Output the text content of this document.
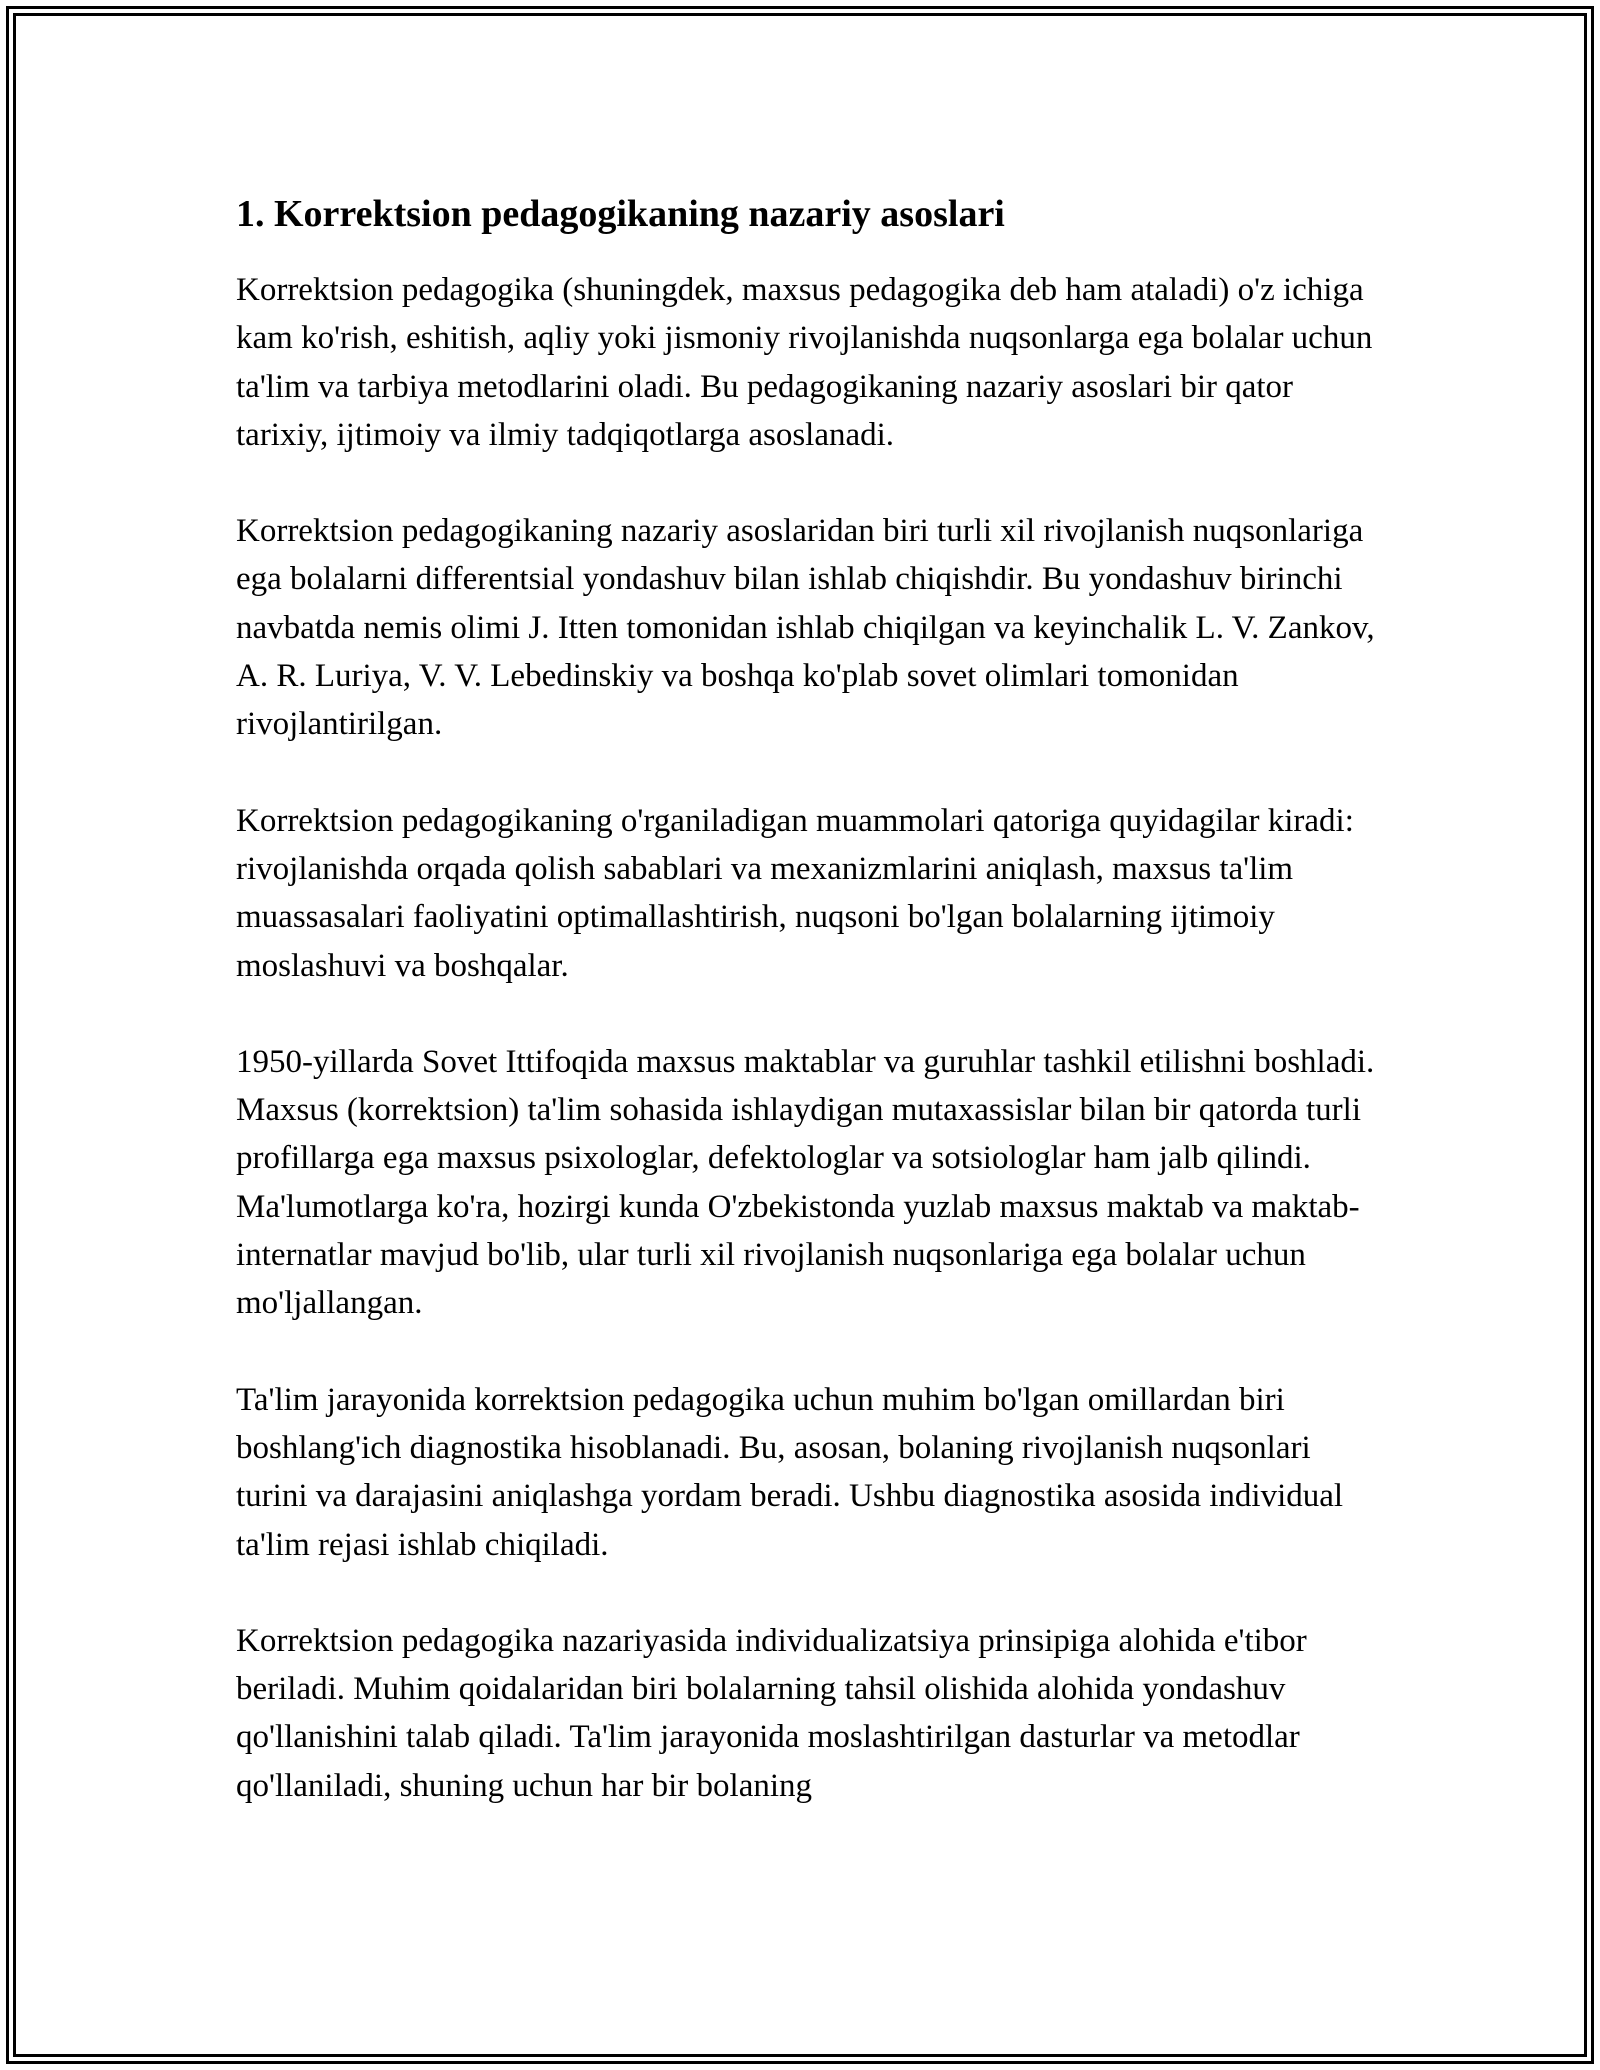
1. Korrektsion pedagogikaning nazariy asoslari

Korrektsion pedagogika (shuningdek, maxsus pedagogika deb ham ataladi) o'z ichiga kam ko'rish, eshitish, aqliy yoki jismoniy rivojlanishda nuqsonlarga ega bolalar uchun ta'lim va tarbiya metodlarini oladi. Bu pedagogikaning nazariy asoslari bir qator tarixiy, ijtimoiy va ilmiy tadqiqotlarga asoslanadi.

Korrektsion pedagogikaning nazariy asoslaridan biri turli xil rivojlanish nuqsonlariga ega bolalarni differentsial yondashuv bilan ishlab chiqishdir. Bu yondashuv birinchi navbatda nemis olimi J. Itten tomonidan ishlab chiqilgan va keyinchalik L. V. Zankov, A. R. Luriya, V. V. Lebedinskiy va boshqa ko'plab sovet olimlari tomonidan rivojlantirilgan.

Korrektsion pedagogikaning o'rganiladigan muammolari qatoriga quyidagilar kiradi: rivojlanishda orqada qolish sabablari va mexanizmlarini aniqlash, maxsus ta'lim muassasalari faoliyatini optimallashtirish, nuqsoni bo'lgan bolalarning ijtimoiy moslashuvi va boshqalar.

1950-yillarda Sovet Ittifoqida maxsus maktablar va guruhlar tashkil etilishni boshladi. Maxsus (korrektsion) ta'lim sohasida ishlaydigan mutaxassislar bilan bir qatorda turli profillarga ega maxsus psixologlar, defektologlar va sotsiologlar ham jalb qilindi. Ma'lumotlarga ko'ra, hozirgi kunda O'zbekistonda yuzlab maxsus maktab va maktab-internatlar mavjud bo'lib, ular turli xil rivojlanish nuqsonlariga ega bolalar uchun mo'ljallangan.

Ta'lim jarayonida korrektsion pedagogika uchun muhim bo'lgan omillardan biri boshlang'ich diagnostika hisoblanadi. Bu, asosan, bolaning rivojlanish nuqsonlari turini va darajasini aniqlashga yordam beradi. Ushbu diagnostika asosida individual ta'lim rejasi ishlab chiqiladi.

Korrektsion pedagogika nazariyasida individualizatsiya prinsipiga alohida e'tibor beriladi. Muhim qoidalaridan biri bolalarning tahsil olishida alohida yondashuv qo'llanishini talab qiladi. Ta'lim jarayonida moslashtirilgan dasturlar va metodlar qo'llaniladi, shuning uchun har bir bolaning
